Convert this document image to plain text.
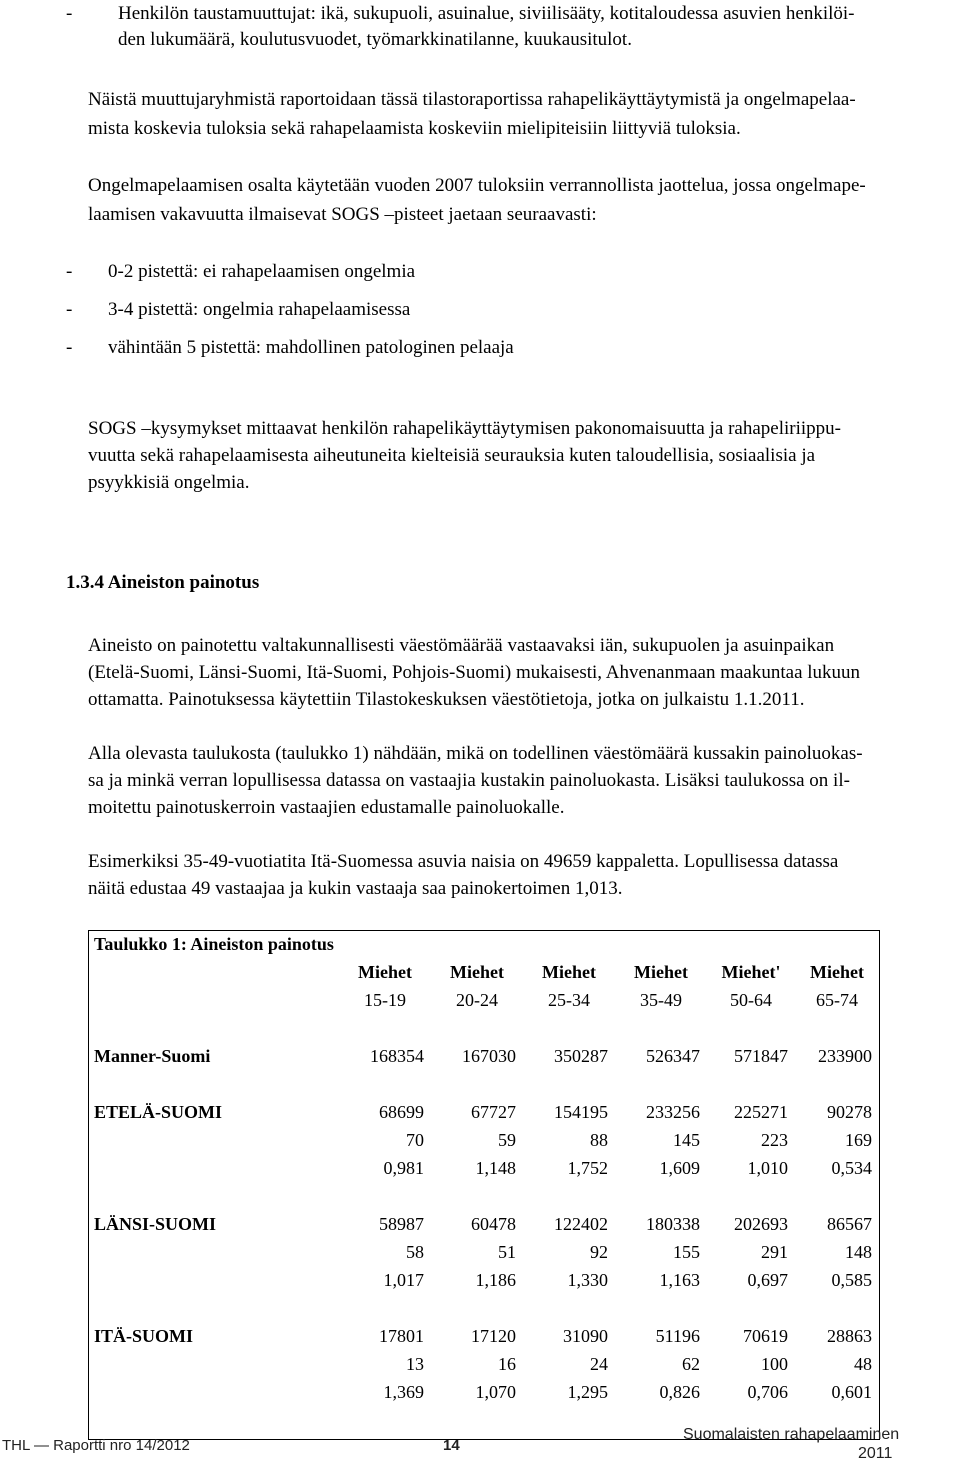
- Henkilön taustamuuttujat: ikä, sukupuoli, asuinalue, siviilisääty, kotitaloudessa asuvien henkilöi-
den lukumäärä, koulutusvuodet, työmarkkinatilanne, kuukausitulot.
Näistä muuttujaryhmistä raportoidaan tässä tilastoraportissa rahapelikäyttäytymistä ja ongelmapelaa-
mista koskevia tuloksia sekä rahapelaamista koskeviin mielipiteisiin liittyviä tuloksia.
Ongelmapelaamisen osalta käytetään vuoden 2007 tuloksiin verrannollista jaottelua, jossa ongelmape-
laamisen vakavuutta ilmaisevat SOGS –pisteet jaetaan seuraavasti:
- 0-2 pistettä: ei rahapelaamisen ongelmia
- 3-4 pistettä: ongelmia rahapelaamisessa
- vähintään 5 pistettä: mahdollinen patologinen pelaaja
SOGS –kysymykset mittaavat henkilön rahapelikäyttäytymisen pakonomaisuutta ja rahapeliriippu-
vuutta sekä rahapelaamisesta aiheutuneita kielteisiä seurauksia kuten taloudellisia, sosiaalisia ja
psyykkisiä ongelmia.
1.3.4 Aineiston painotus
Aineisto on painotettu valtakunnallisesti väestömäärää vastaavaksi iän, sukupuolen ja asuinpaikan
(Etelä-Suomi, Länsi-Suomi, Itä-Suomi, Pohjois-Suomi) mukaisesti, Ahvenanmaan maakuntaa lukuun
ottamatta. Painotuksessa käytettiin Tilastokeskuksen väestötietoja, jotka on julkaistu 1.1.2011.
Alla olevasta taulukosta (taulukko 1) nähdään, mikä on todellinen väestömäärä kussakin painoluokas-
sa ja minkä verran lopullisessa datassa on vastaajia kustakin painoluokasta. Lisäksi taulukossa on il-
moitettu painotuskerroin vastaajien edustamalle painoluokalle.
Esimerkiksi 35-49-vuotiatita Itä-Suomessa asuvia naisia on 49659 kappaletta. Lopullisessa datassa
näitä edustaa 49 vastaajaa ja kukin vastaaja saa painokertoimen 1,013.
Taulukko 1: Aineiston painotus						
	Miehet	Miehet	Miehet	Miehet	Miehet'	Miehet
	15-19	20-24	25-34	35-49	50-64	65-74

Manner-Suomi	168354	167030	350287	526347	571847	233900

ETELÄ-SUOMI	68699	67727	154195	233256	225271	90278
	70	59	88	145	223	169
	0,981	1,148	1,752	1,609	1,010	0,534

LÄNSI-SUOMI	58987	60478	122402	180338	202693	86567
	58	51	92	155	291	148
	1,017	1,186	1,330	1,163	0,697	0,585

ITÄ-SUOMI	17801	17120	31090	51196	70619	28863
	13	16	24	62	100	48
	1,369	1,070	1,295	0,826	0,706	0,601
THL — Raportti nro 14/2012	14
Suomalaisten rahapelaaminen
2011
